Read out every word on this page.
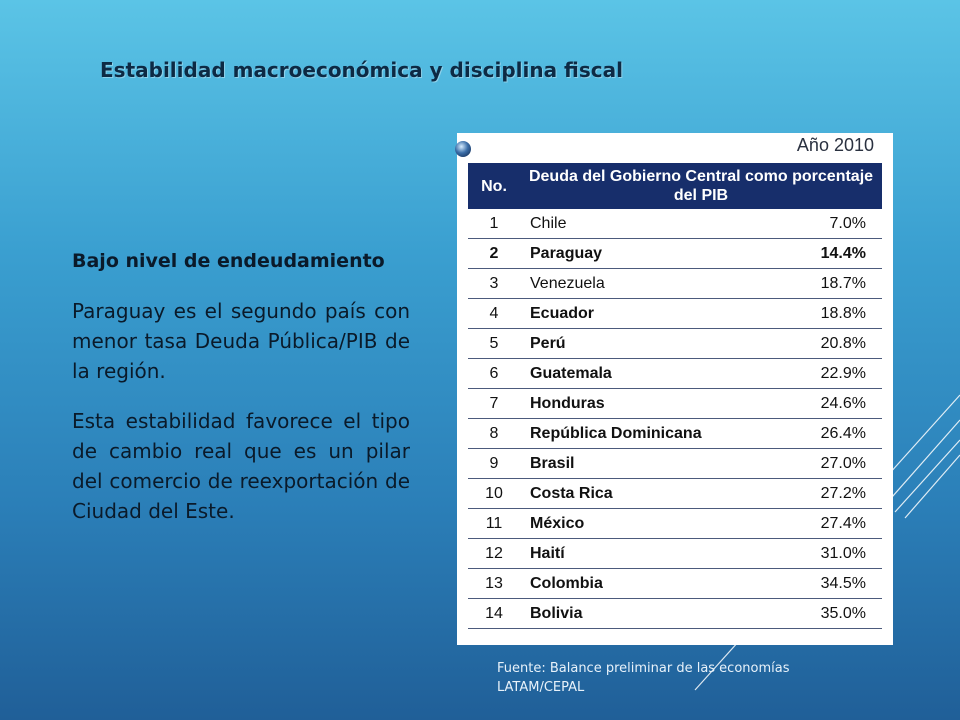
Estabilidad macroeconómica y disciplina fiscal

Bajo nivel de endeudamiento

Paraguay es el segundo país con menor tasa Deuda Pública/PIB de la región.

Esta estabilidad favorece el tipo de cambio real que es un pilar del comercio de reexportación de Ciudad del Este.

Año 2010
No.	Deuda del Gobierno Central como porcentaje del PIB	
1	Chile	7.0%
2	Paraguay	14.4%
3	Venezuela	18.7%
4	Ecuador	18.8%
5	Perú	20.8%
6	Guatemala	22.9%
7	Honduras	24.6%
8	República Dominicana	26.4%
9	Brasil	27.0%
10	Costa Rica	27.2%
11	México	27.4%
12	Haití	31.0%
13	Colombia	34.5%
14	Bolivia	35.0%
Fuente: Balance preliminar de las economías
LATAM/CEPAL
